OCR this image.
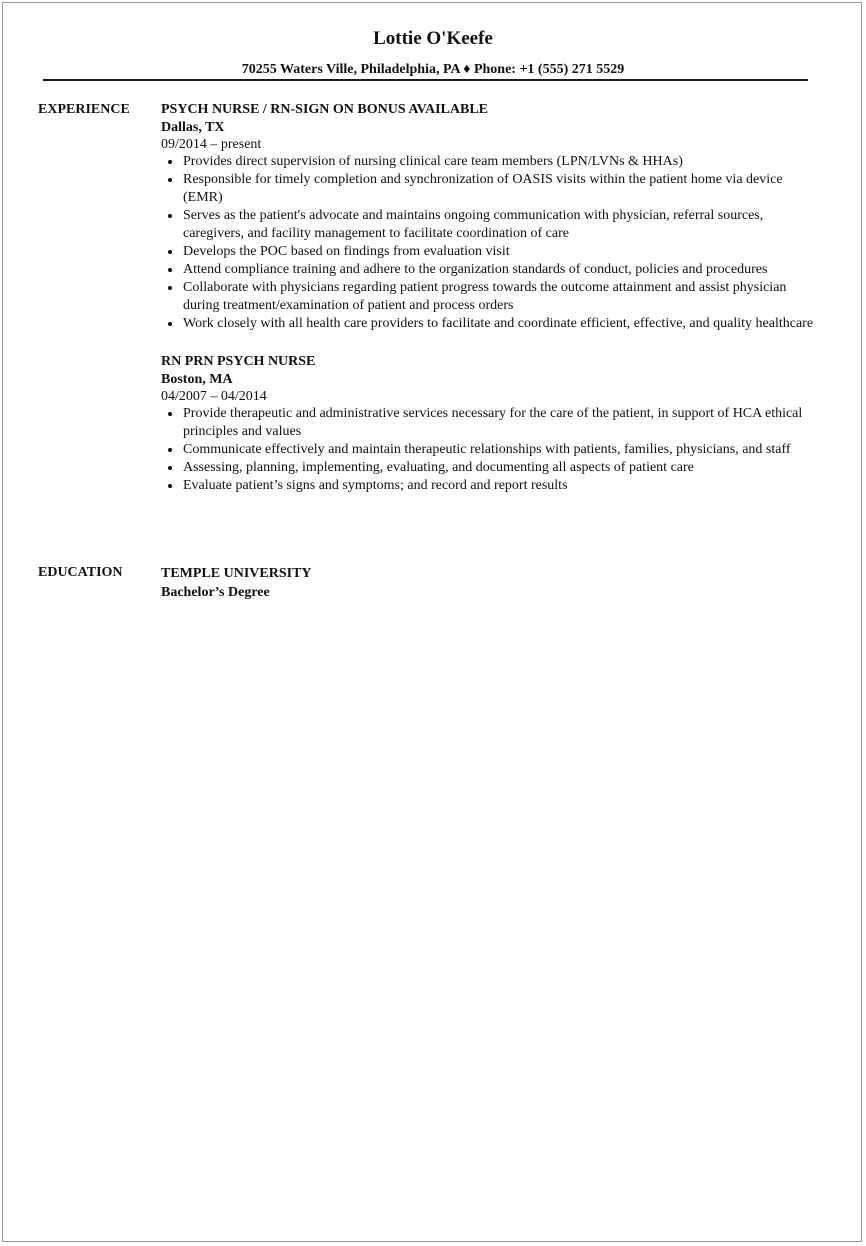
Lottie O'Keefe
70255 Waters Ville, Philadelphia, PA ♦ Phone: +1 (555) 271 5529
EXPERIENCE PSYCH NURSE / RN-SIGN ON BONUS AVAILABLE
Dallas, TX
09/2014 – present
Provides direct supervision of nursing clinical care team members (LPN/LVNs & HHAs)
Responsible for timely completion and synchronization of OASIS visits within the patient home via device (EMR)
Serves as the patient's advocate and maintains ongoing communication with physician, referral sources, caregivers, and facility management to facilitate coordination of care
Develops the POC based on findings from evaluation visit
Attend compliance training and adhere to the organization standards of conduct, policies and procedures
Collaborate with physicians regarding patient progress towards the outcome attainment and assist physician during treatment/examination of patient and process orders
Work closely with all health care providers to facilitate and coordinate efficient, effective, and quality healthcare
RN PRN PSYCH NURSE
Boston, MA
04/2007 – 04/2014
Provide therapeutic and administrative services necessary for the care of the patient, in support of HCA ethical principles and values
Communicate effectively and maintain therapeutic relationships with patients, families, physicians, and staff
Assessing, planning, implementing, evaluating, and documenting all aspects of patient care
Evaluate patient’s signs and symptoms; and record and report results
EDUCATION	TEMPLE UNIVERSITY
Bachelor’s Degree
